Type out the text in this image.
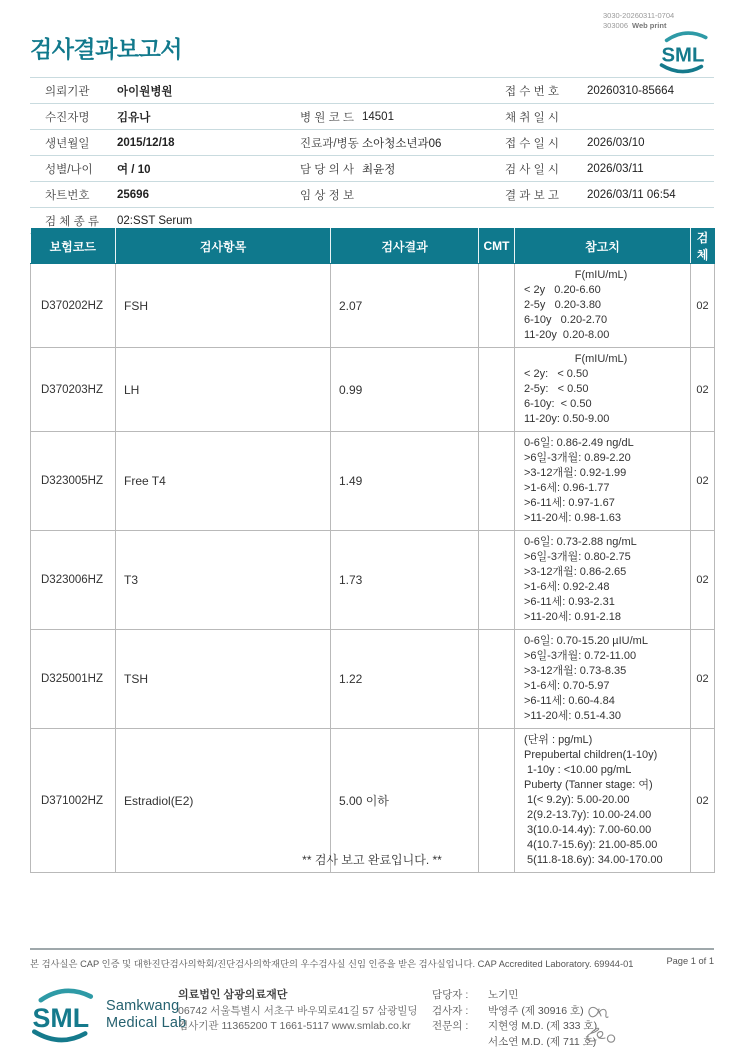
3030-20260311-0704
303006 Web print
SML
검사결과보고서
의뢰기관	아이원병원			접 수 번 호	20260310-85664
수진자명	김유나	병 원 코 드	14501	채 취 일 시	
생년월일	2015/12/18	진료과/병동	소아청소년과06	접 수 일 시	2026/03/10
성별/나이	여 / 10	담 당 의 사	최윤정	검 사 일 시	2026/03/11
차트번호	25696	임 상 정 보		결 과 보 고	2026/03/11 06:54
검 체 종 류	02:SST Serum				
보험코드	검사항목	검사결과	CMT	참고치	검체
D370202HZ	FSH	2.07		F(mIU/mL)
< 2y   0.20-6.60
2-5y   0.20-3.80
6-10y   0.20-2.70
11-20y  0.20-8.00	02
D370203HZ	LH	0.99		F(mIU/mL)
< 2y:   < 0.50
2-5y:   < 0.50
6-10y:  < 0.50
11-20y: 0.50-9.00	02
D323005HZ	Free T4	1.49		
0-6일: 0.86-2.49 ng/dL
>6일-3개월: 0.89-2.20
>3-12개월: 0.92-1.99
>1-6세: 0.96-1.77
>6-11세: 0.97-1.67
>11-20세: 0.98-1.63
	02
D323006HZ	T3	1.73		
0-6일: 0.73-2.88 ng/mL
>6일-3개월: 0.80-2.75
>3-12개월: 0.86-2.65
>1-6세: 0.92-2.48
>6-11세: 0.93-2.31
>11-20세: 0.91-2.18
	02
D325001HZ	TSH	1.22		
0-6일: 0.70-15.20 µIU/mL
>6일-3개월: 0.72-11.00
>3-12개월: 0.73-8.35
>1-6세: 0.70-5.97
>6-11세: 0.60-4.84
>11-20세: 0.51-4.30
	02
D371002HZ	Estradiol(E2)	5.00 이하		
(단위 : pg/mL)
Prepubertal children(1-10y)
1-10y : <10.00 pg/mL
Puberty (Tanner stage: 여)
1(< 9.2y): 5.00-20.00
2(9.2-13.7y): 10.00-24.00
3(10.0-14.4y): 7.00-60.00
4(10.7-15.6y): 21.00-85.00
5(11.8-18.6y): 34.00-170.00
	02
** 검사 보고 완료입니다. **
본 검사실은 CAP 인증 및 대한진단검사의학회/진단검사의학재단의 우수검사실 신임 인증을 받은 검사실입니다. CAP Accredited Laboratory. 69944-01	Page 1 of 1
SML Samkwang
Medical Lab
의료법인 삼광의료재단
06742 서울특별시 서초구 바우뫼로41길 57 삼광빌딩
검사기관 11365200 T 1661-5117 www.smlab.co.kr
담당자 :	노기민
검사자 :	박영주 (제 30916 호)
전문의 :	지현영 M.D. (제 333 호)
서소연 M.D. (제 711 호)
